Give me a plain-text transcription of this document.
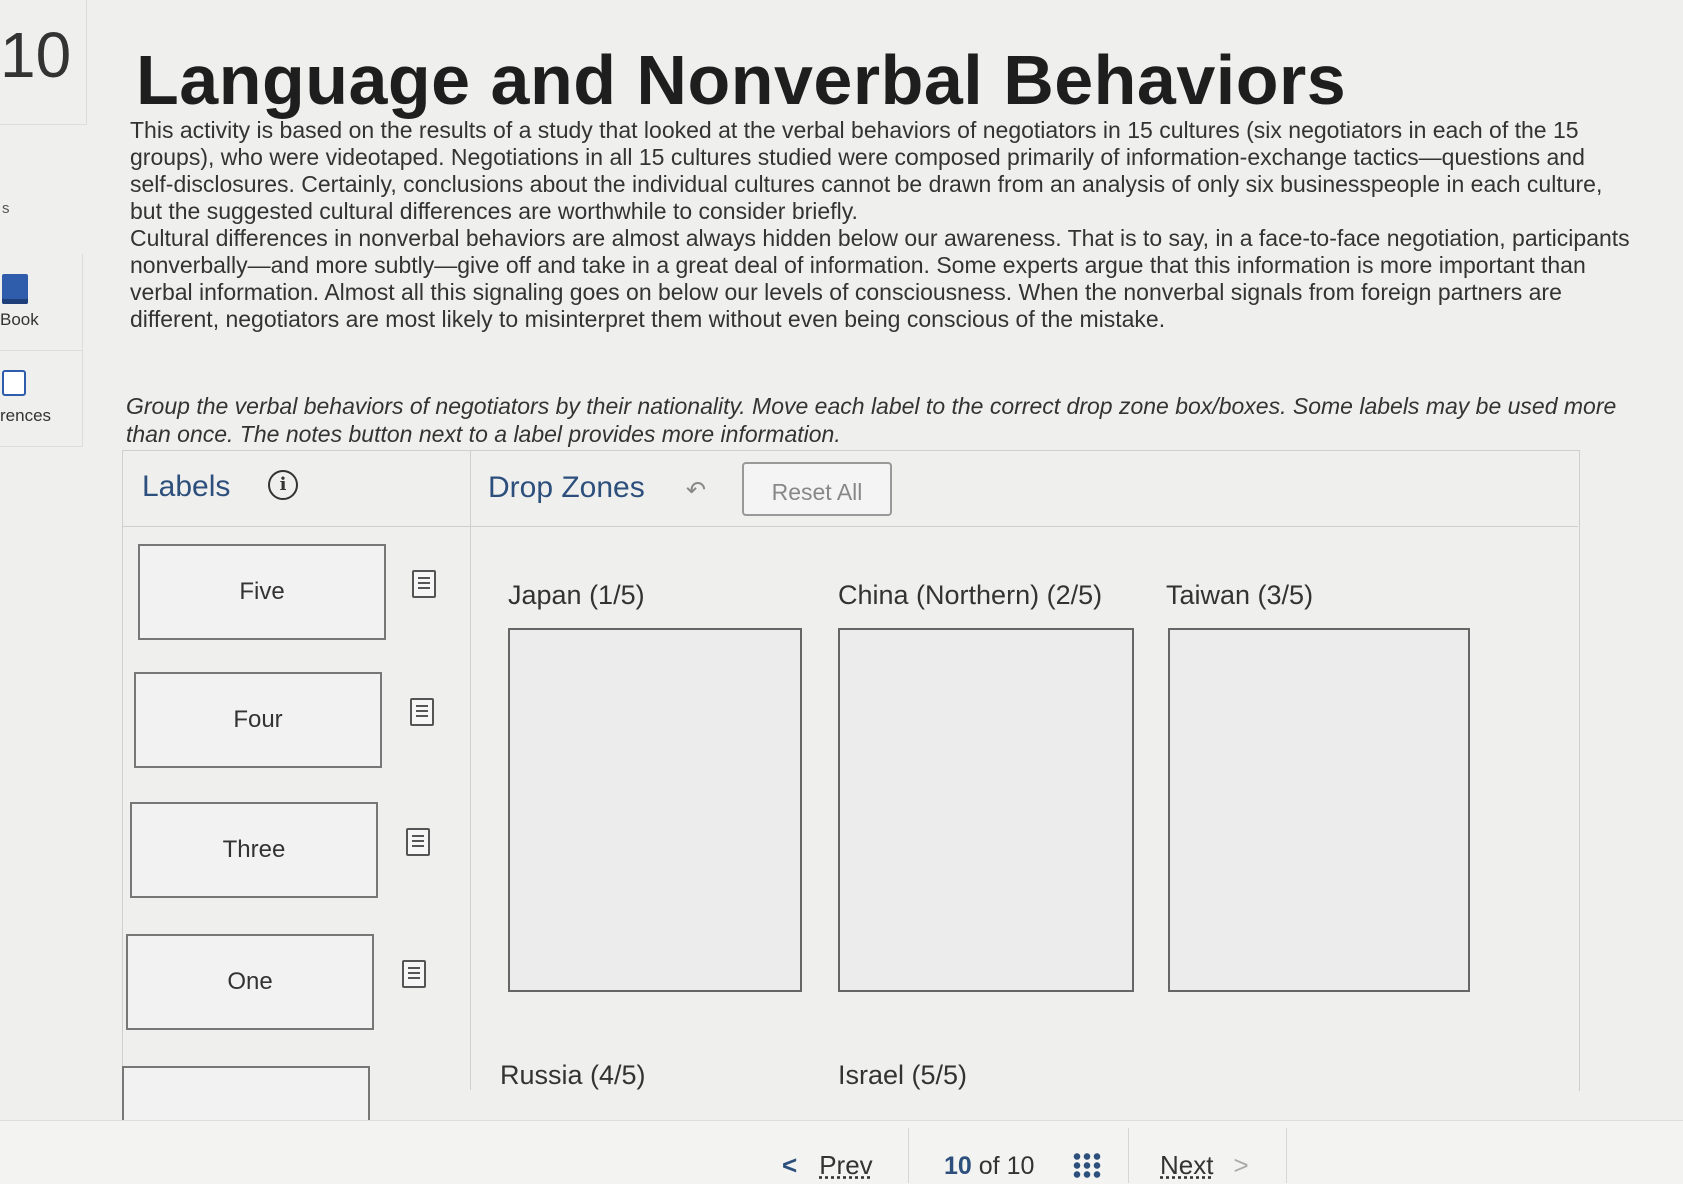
10
s
Book
rences
Language and Nonverbal Behaviors

This activity is based on the results of a study that looked at the verbal behaviors of negotiators in 15 cultures (six negotiators in each of the 15 groups), who were videotaped. Negotiations in all 15 cultures studied were composed primarily of information-exchange tactics—questions and self-disclosures. Certainly, conclusions about the individual cultures cannot be drawn from an analysis of only six businesspeople in each culture, but the suggested cultural differences are worthwhile to consider briefly.

Cultural differences in nonverbal behaviors are almost always hidden below our awareness. That is to say, in a face-to-face negotiation, participants nonverbally—and more subtly—give off and take in a great deal of information. Some experts argue that this information is more important than verbal information. Almost all this signaling goes on below our levels of consciousness. When the nonverbal signals from foreign partners are different, negotiators are most likely to misinterpret them without even being conscious of the mistake.

Group the verbal behaviors of negotiators by their nationality. Move each label to the correct drop zone box/boxes. Some labels may be used more than once. The notes button next to a label provides more information.

Labels	i	Drop Zones ↶	Reset All
Five
Four
Three
One
Japan (1/5)	China (Northern) (2/5) Taiwan (3/5)
Russia (4/5)	Israel (5/5)
< Prev	10 of 10	Next >
